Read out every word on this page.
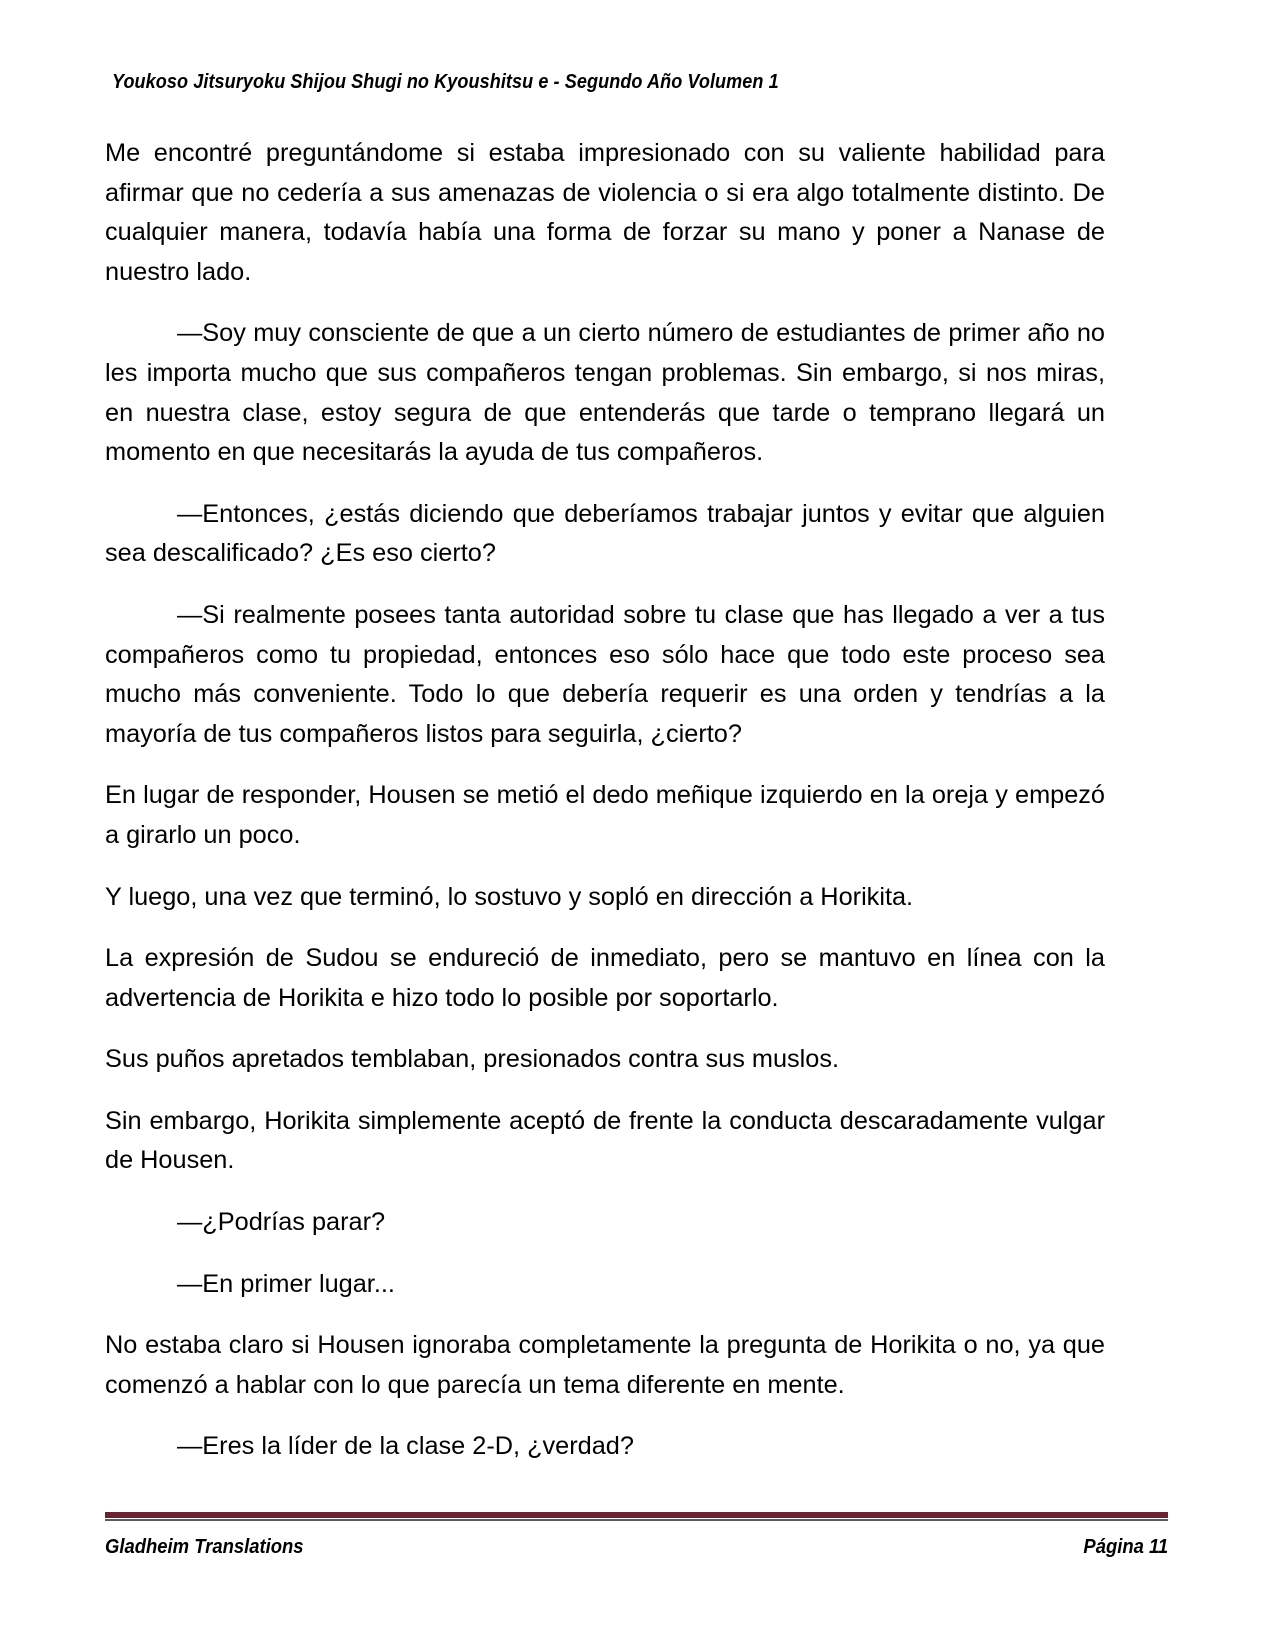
Youkoso Jitsuryoku Shijou Shugi no Kyoushitsu e - Segundo Año Volumen 1

Me encontré preguntándome si estaba impresionado con su valiente habilidad para afirmar que no cedería a sus amenazas de violencia o si era algo totalmente distinto. De cualquier manera, todavía había una forma de forzar su mano y poner a Nanase de nuestro lado.

—Soy muy consciente de que a un cierto número de estudiantes de primer año no les importa mucho que sus compañeros tengan problemas. Sin embargo, si nos miras, en nuestra clase, estoy segura de que entenderás que tarde o temprano llegará un momento en que necesitarás la ayuda de tus compañeros.

—Entonces, ¿estás diciendo que deberíamos trabajar juntos y evitar que alguien sea descalificado? ¿Es eso cierto?

—Si realmente posees tanta autoridad sobre tu clase que has llegado a ver a tus compañeros como tu propiedad, entonces eso sólo hace que todo este proceso sea mucho más conveniente. Todo lo que debería requerir es una orden y tendrías a la mayoría de tus compañeros listos para seguirla, ¿cierto?

En lugar de responder, Housen se metió el dedo meñique izquierdo en la oreja y empezó a girarlo un poco.

Y luego, una vez que terminó, lo sostuvo y sopló en dirección a Horikita.

La expresión de Sudou se endureció de inmediato, pero se mantuvo en línea con la advertencia de Horikita e hizo todo lo posible por soportarlo.

Sus puños apretados temblaban, presionados contra sus muslos.

Sin embargo, Horikita simplemente aceptó de frente la conducta descaradamente vulgar de Housen.

—¿Podrías parar?

—En primer lugar...

No estaba claro si Housen ignoraba completamente la pregunta de Horikita o no, ya que comenzó a hablar con lo que parecía un tema diferente en mente.

—Eres la líder de la clase 2-D, ¿verdad?

Gladheim Translations	Página 11
